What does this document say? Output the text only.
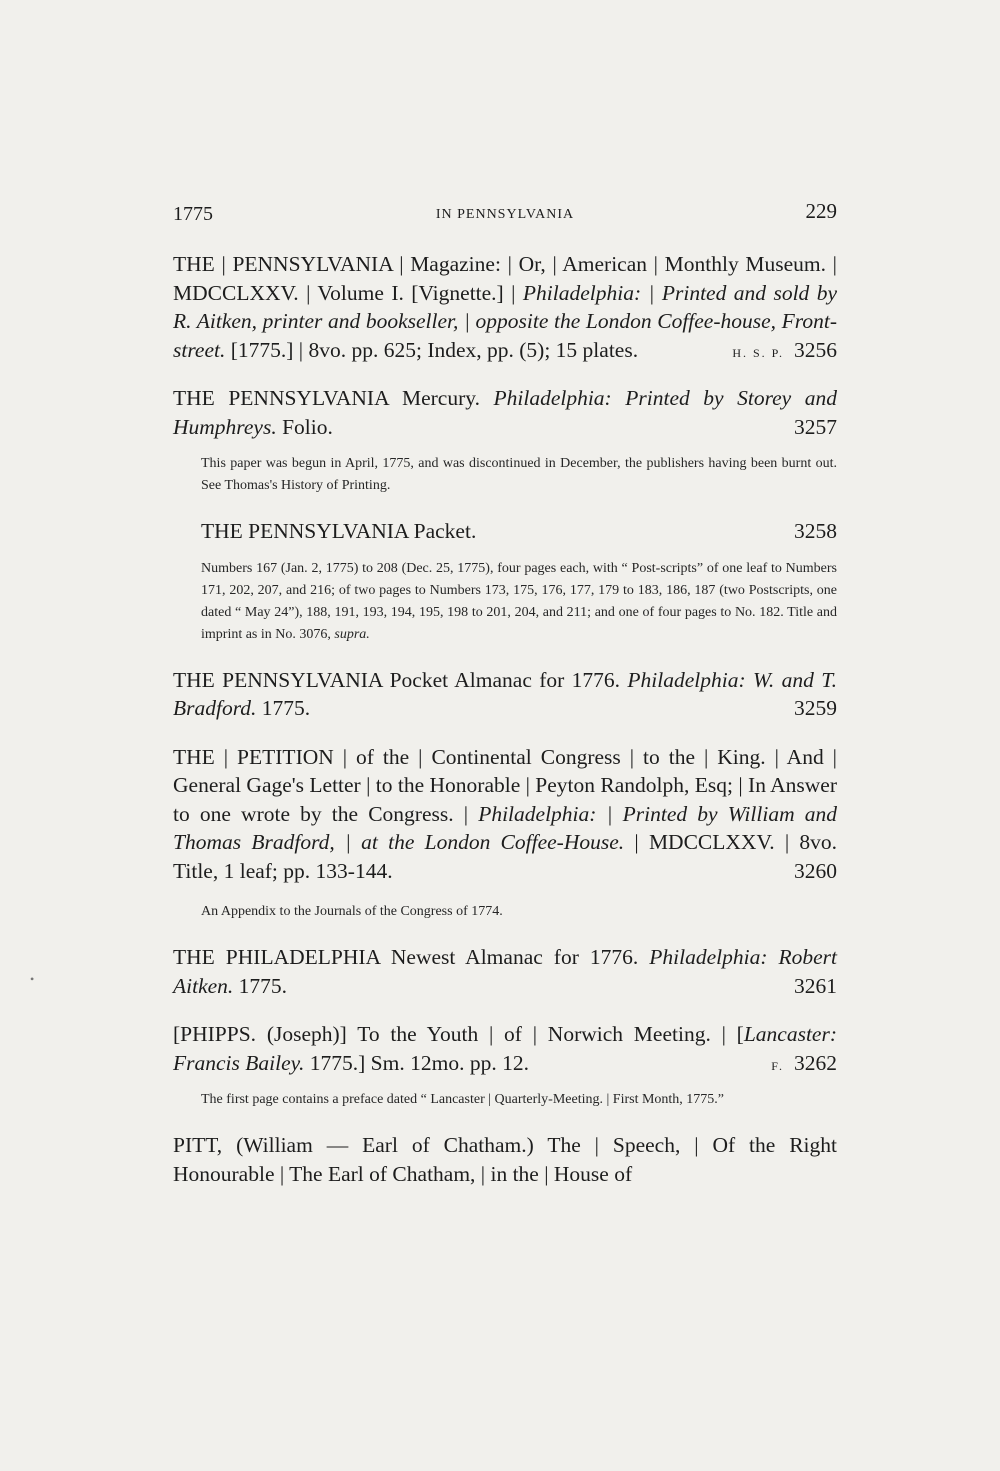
1775	IN PENNSYLVANIA	229

THE | PENNSYLVANIA | Magazine: | Or, | American | Monthly Museum. | MDCCLXXV. | Volume I. [Vignette.] | Philadelphia: | Printed and sold by R. Aitken, printer and bookseller, | opposite the London Coffee-house, Front-street. [1775.] | 8vo. pp. 625; Index, pp. (5); 15 plates.	H. S. P. 3256

THE PENNSYLVANIA Mercury. Philadelphia: Printed by Storey and Humphreys. Folio.	3257

This paper was begun in April, 1775, and was discontinued in December, the publishers having been burnt out. See Thomas's History of Printing.

THE PENNSYLVANIA Packet.	3258

Numbers 167 (Jan. 2, 1775) to 208 (Dec. 25, 1775), four pages each, with “ Post-scripts” of one leaf to Numbers 171, 202, 207, and 216; of two pages to Numbers 173, 175, 176, 177, 179 to 183, 186, 187 (two Postscripts, one dated “ May 24”), 188, 191, 193, 194, 195, 198 to 201, 204, and 211; and one of four pages to No. 182. Title and imprint as in No. 3076, supra.

THE PENNSYLVANIA Pocket Almanac for 1776. Philadelphia: W. and T. Bradford. 1775.	3259

THE | PETITION | of the | Continental Congress | to the | King. | And | General Gage's Letter | to the Honorable | Peyton Randolph, Esq; | In Answer to one wrote by the Congress. | Philadelphia: | Printed by William and Thomas Bradford, | at the London Coffee-House. | MDCCLXXV. | 8vo. Title, 1 leaf; pp. 133-144.	3260

An Appendix to the Journals of the Congress of 1774.

THE PHILADELPHIA Newest Almanac for 1776. Philadelphia: Robert Aitken. 1775.	3261

[PHIPPS. (Joseph)] To the Youth | of | Norwich Meeting. | [Lancaster: Francis Bailey. 1775.] Sm. 12mo. pp. 12.	F. 3262

The first page contains a preface dated “ Lancaster | Quarterly-Meeting. | First Month, 1775.”

PITT, (William — Earl of Chatham.) The | Speech, | Of the Right Honourable | The Earl of Chatham, | in the | House of

•
